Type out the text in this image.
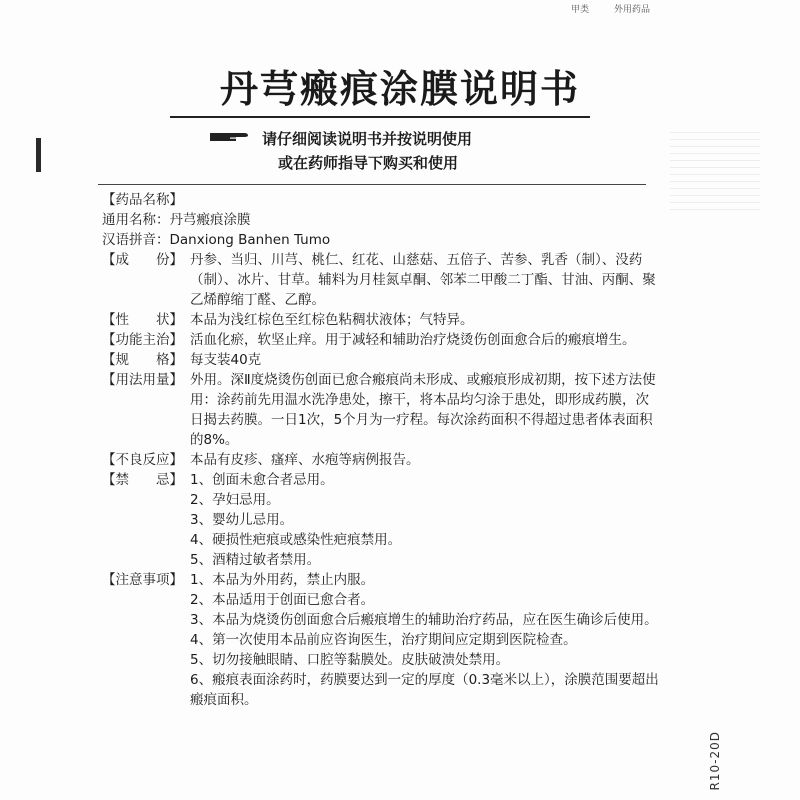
甲类	外用药品
丹芎瘢痕涂膜说明书
请仔细阅读说明书并按说明使用
或在药师指导下购买和使用
【药品名称】
通用名称：丹芎瘢痕涂膜
汉语拼音：Danxiong Banhen Tumo
【成　　份】 丹参、当归、川芎、桃仁、红花、山慈菇、五倍子、苦参、乳香（制）、没药（制）、冰片、甘草。辅料为月桂氮卓酮、邻苯二甲酸二丁酯、甘油、丙酮、聚乙烯醇缩丁醛、乙醇。
【性　　状】 本品为浅红棕色至红棕色粘稠状液体；气特异。
【功能主治】 活血化瘀，软坚止痒。用于减轻和辅助治疗烧烫伤创面愈合后的瘢痕增生。
【规　　格】 每支装40克
【用法用量】 外用。深Ⅱ度烧烫伤创面已愈合瘢痕尚未形成、或瘢痕形成初期，按下述方法使用：涂药前先用温水洗净患处，擦干，将本品均匀涂于患处，即形成药膜，次日揭去药膜。一日1次，5个月为一疗程。每次涂药面积不得超过患者体表面积的8%。
【不良反应】 本品有皮疹、瘙痒、水疱等病例报告。
【禁　　忌】 1、创面未愈合者忌用。
2、孕妇忌用。
3、婴幼儿忌用。
4、硬损性疤痕或感染性疤痕禁用。
5、酒精过敏者禁用。
【注意事项】 1、本品为外用药，禁止内服。
2、本品适用于创面已愈合者。
3、本品为烧烫伤创面愈合后瘢痕增生的辅助治疗药品，应在医生确诊后使用。
4、第一次使用本品前应咨询医生，治疗期间应定期到医院检查。
5、切勿接触眼睛、口腔等黏膜处。皮肤破溃处禁用。
6、瘢痕表面涂药时，药膜要达到一定的厚度（0.3毫米以上），涂膜范围要超出瘢痕面积。
R10-20D
